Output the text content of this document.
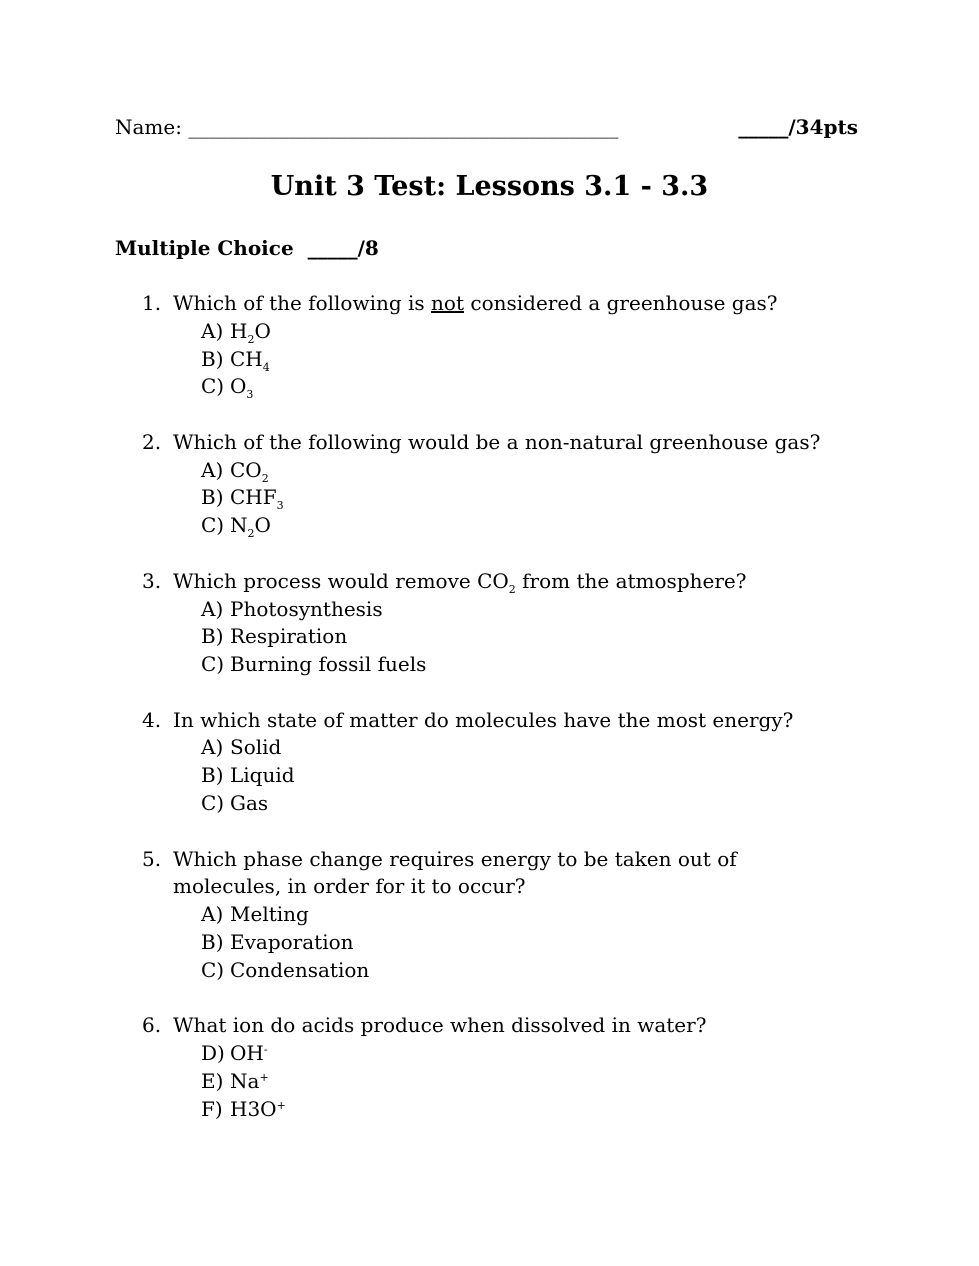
Name: ___________________________________________	_____/34pts
Unit 3 Test: Lessons 3.1 - 3.3
Multiple Choice _____/8
1. Which of the following is not considered a greenhouse gas?
A) $H_2O$
B) $CH_4$
C) $O_3$
2. Which of the following would be a non-natural greenhouse gas?
A) $CO_2$
B) $CHF_3$
C) $N_2O$
3. Which process would remove $CO_2$ from the atmosphere?
A) Photosynthesis
B) Respiration
C) Burning fossil fuels
4. In which state of matter do molecules have the most energy?
A) Solid
B) Liquid
C) Gas
5. Which phase change requires energy to be taken out of molecules, in order for it to occur?
A) Melting
B) Evaporation
C) Condensation
6. What ion do acids produce when dissolved in water?
D) OH-
E) Na+
F) H3O+
